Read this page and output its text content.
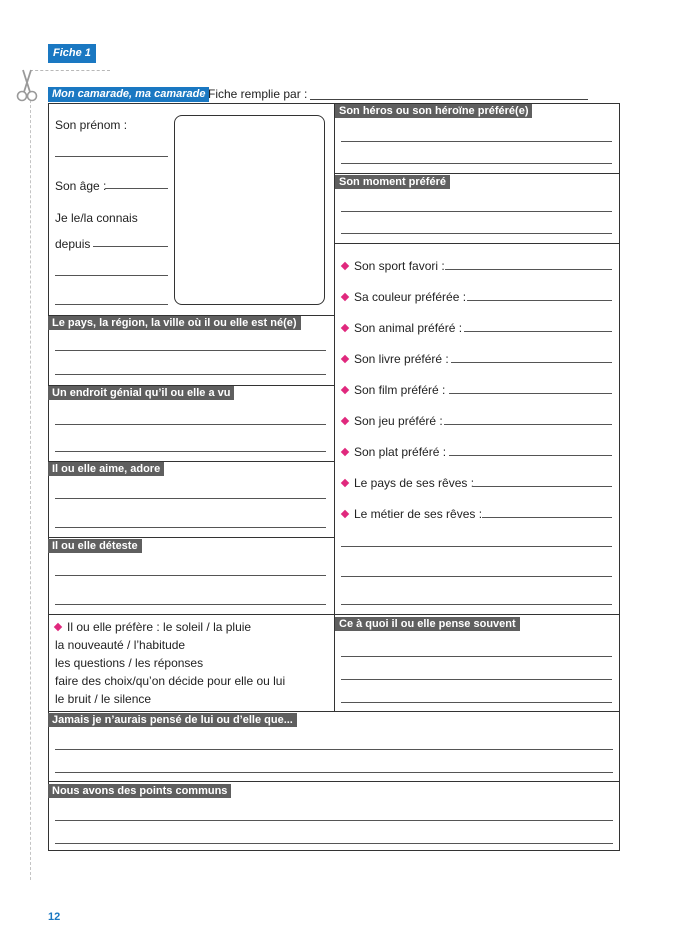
Fiche 1
Mon camarade, ma camarade Fiche remplie par :
Son prénom :
Son âge :
Je le/la connais
depuis
Le pays, la région, la ville où il ou elle est né(e)
Un endroit génial qu’il ou elle a vu
Il ou elle aime, adore
Il ou elle déteste
Son héros ou son héroïne préféré(e)
Son moment préféré
Son sport favori :
Sa couleur préférée :
Son animal préféré :
Son livre préféré :
Son film préféré :
Son jeu préféré :
Son plat préféré :
Le pays de ses rêves :
Le métier de ses rêves :
Il ou elle préfère : le soleil / la pluie
la nouveauté / l’habitude
les questions / les réponses
faire des choix/qu’on décide pour elle ou lui
le bruit / le silence
Ce à quoi il ou elle pense souvent
Jamais je n’aurais pensé de lui ou d’elle que...
Nous avons des points communs
12
